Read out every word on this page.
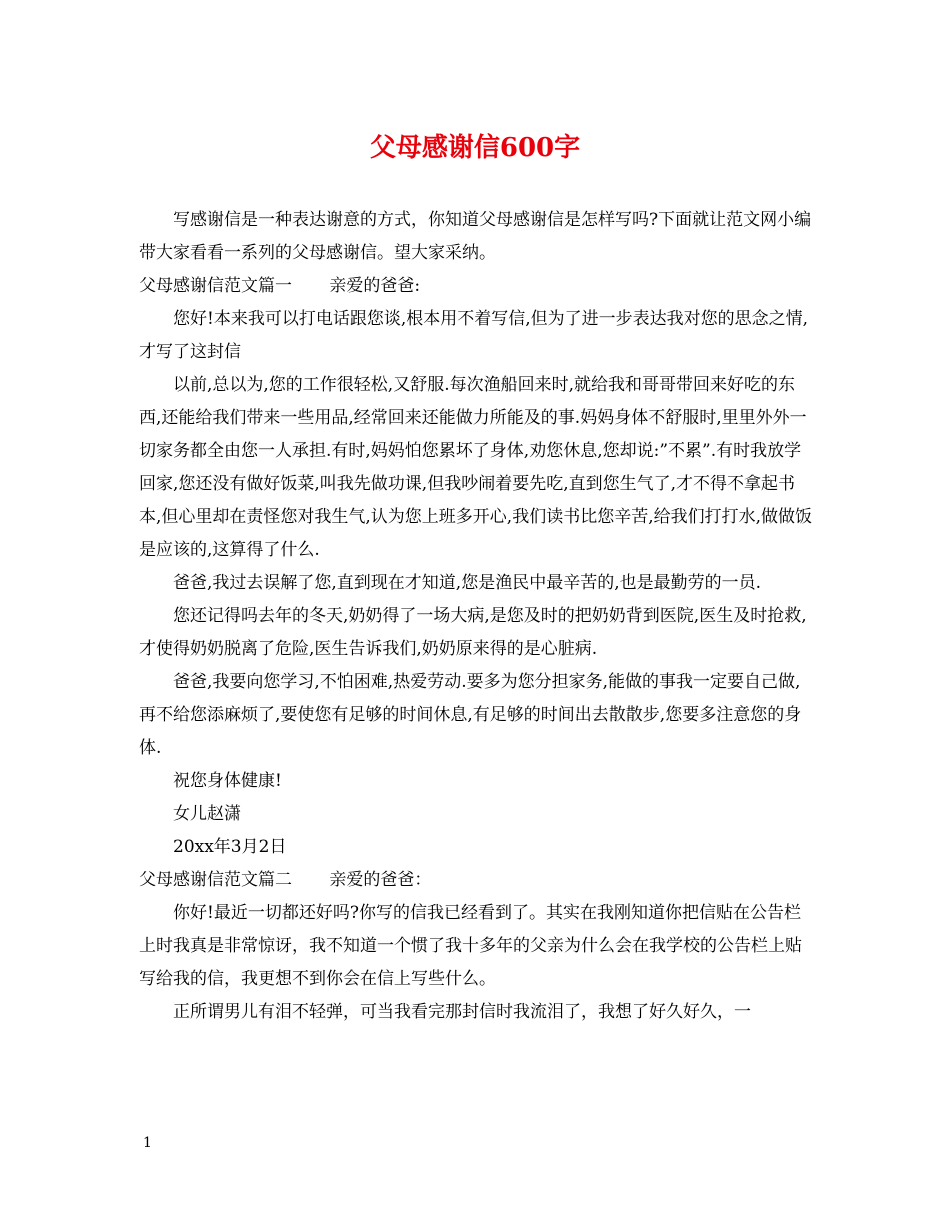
父母感谢信600字

写感谢信是一种表达谢意的方式，你知道父母感谢信是怎样写吗?下面就让范文网小编带大家看看一系列的父母感谢信。望大家采纳。

父母感谢信范文篇一 亲爱的爸爸:

您好!本来我可以打电话跟您谈,根本用不着写信,但为了进一步表达我对您的思念之情,才写了这封信

以前,总以为,您的工作很轻松,又舒服.每次渔船回来时,就给我和哥哥带回来好吃的东西,还能给我们带来一些用品,经常回来还能做力所能及的事.妈妈身体不舒服时,里里外外一切家务都全由您一人承担.有时,妈妈怕您累坏了身体,劝您休息,您却说:”不累”.有时我放学回家,您还没有做好饭菜,叫我先做功课,但我吵闹着要先吃,直到您生气了,才不得不拿起书本,但心里却在责怪您对我生气,认为您上班多开心,我们读书比您辛苦,给我们打打水,做做饭是应该的,这算得了什么.

爸爸,我过去误解了您,直到现在才知道,您是渔民中最辛苦的,也是最勤劳的一员.

您还记得吗去年的冬天,奶奶得了一场大病,是您及时的把奶奶背到医院,医生及时抢救,才使得奶奶脱离了危险,医生告诉我们,奶奶原来得的是心脏病.

爸爸,我要向您学习,不怕困难,热爱劳动.要多为您分担家务,能做的事我一定要自己做,再不给您添麻烦了,要使您有足够的时间休息,有足够的时间出去散散步,您要多注意您的身体.

祝您身体健康!

女儿赵潇

20xx年3月2日

父母感谢信范文篇二 亲爱的爸爸：

你好!最近一切都还好吗?你写的信我已经看到了。其实在我刚知道你把信贴在公告栏上时我真是非常惊讶，我不知道一个惯了我十多年的父亲为什么会在我学校的公告栏上贴写给我的信，我更想不到你会在信上写些什么。

正所谓男儿有泪不轻弹，可当我看完那封信时我流泪了，我想了好久好久，一

1
